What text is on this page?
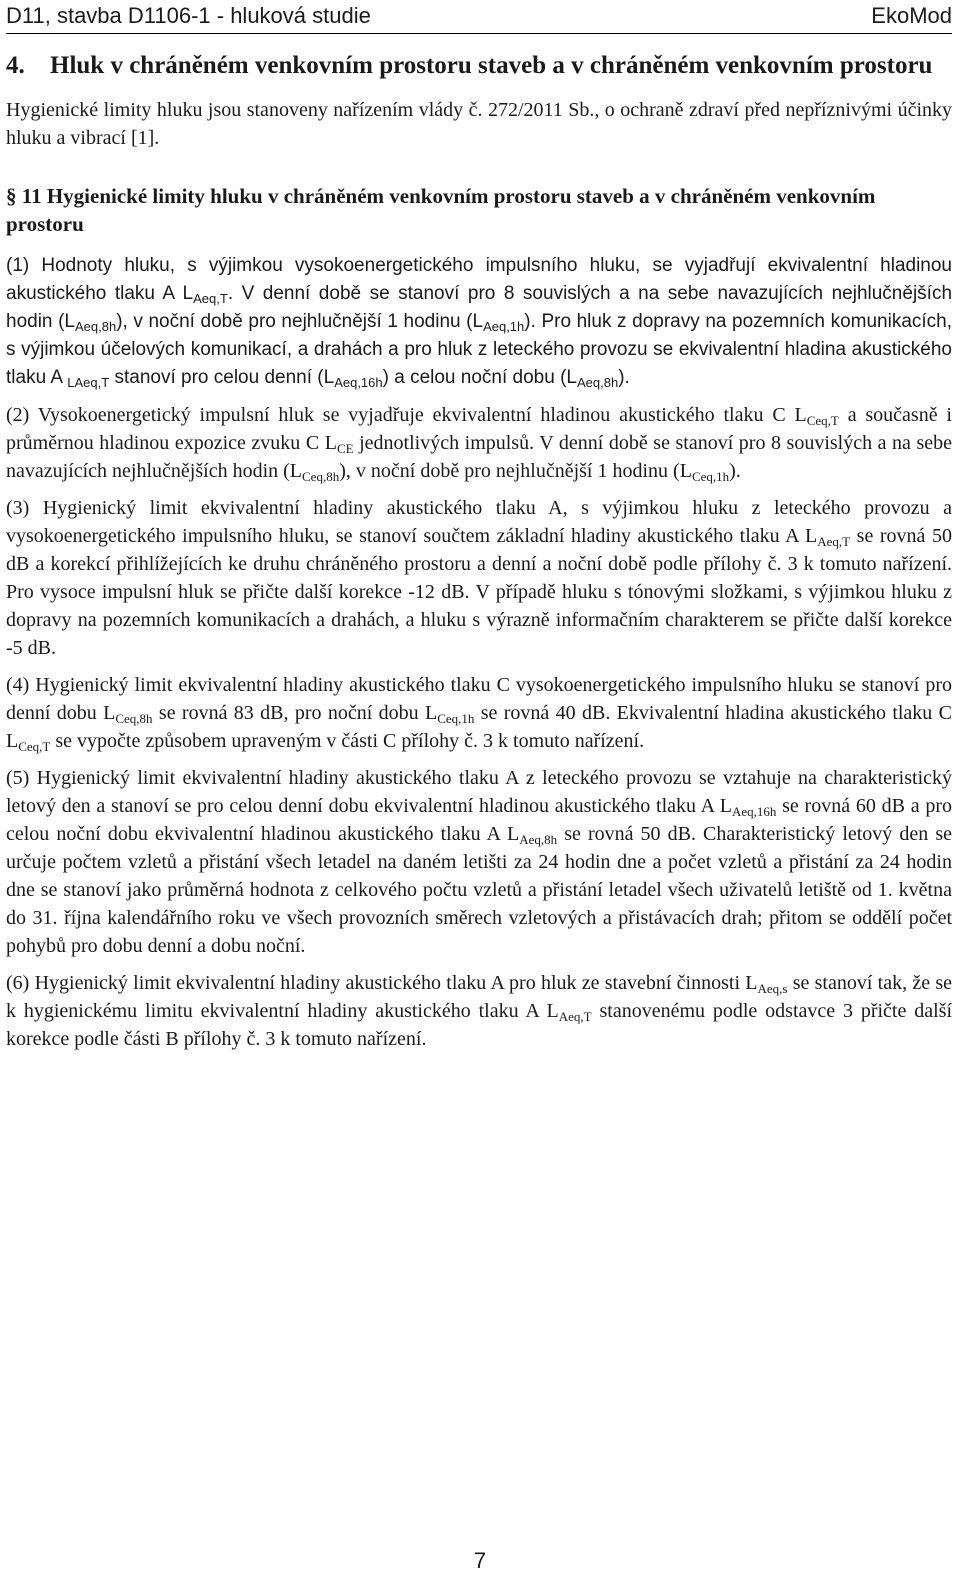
D11, stavba D1106-1 - hluková studie	EkoMod
4. Hluk v chráněném venkovním prostoru staveb a v chráněném venkovním prostoru

Hygienické limity hluku jsou stanoveny nařízením vlády č. 272/2011 Sb., o ochraně zdraví před nepříznivými účinky hluku a vibrací [1].

§ 11 Hygienické limity hluku v chráněném venkovním prostoru staveb a v chráněném venkovním prostoru

(1) Hodnoty hluku, s výjimkou vysokoenergetického impulsního hluku, se vyjadřují ekvivalentní hladinou akustického tlaku A $L_{Aeq,T}$. V denní době se stanoví pro 8 souvislých a na sebe navazujících nejhlučnějších hodin $(L_{Aeq,8h})$, v noční době pro nejhlučnější 1 hodinu $(L_{Aeq,1h})$. Pro hluk z dopravy na pozemních komunikacích, s výjimkou účelových komunikací, a drahách a pro hluk z leteckého provozu se ekvivalentní hladina akustického tlaku A $_{LAeq,T}$ stanoví pro celou denní $(L_{Aeq,16h})$ a celou noční dobu $(L_{Aeq,8h})$.

(2) Vysokoenergetický impulsní hluk se vyjadřuje ekvivalentní hladinou akustického tlaku C $L_{Ceq,T}$ a současně i průměrnou hladinou expozice zvuku C $L_{CE}$ jednotlivých impulsů. V denní době se stanoví pro 8 souvislých a na sebe navazujících nejhlučnějších hodin $(L_{Ceq,8h})$, v noční době pro nejhlučnější 1 hodinu $(L_{Ceq,1h})$.

(3) Hygienický limit ekvivalentní hladiny akustického tlaku A, s výjimkou hluku z leteckého provozu a vysokoenergetického impulsního hluku, se stanoví součtem základní hladiny akustického tlaku A $L_{Aeq,T}$ se rovná 50 dB a korekcí přihlížejících ke druhu chráněného prostoru a denní a noční době podle přílohy č. 3 k tomuto nařízení. Pro vysoce impulsní hluk se přičte další korekce -12 dB. V případě hluku s tónovými složkami, s výjimkou hluku z dopravy na pozemních komunikacích a drahách, a hluku s výrazně informačním charakterem se přičte další korekce -5 dB.

(4) Hygienický limit ekvivalentní hladiny akustického tlaku C vysokoenergetického impulsního hluku se stanoví pro denní dobu $L_{Ceq,8h}$ se rovná 83 dB, pro noční dobu $L_{Ceq,1h}$ se rovná 40 dB. Ekvivalentní hladina akustického tlaku C $L_{Ceq,T}$ se vypočte způsobem upraveným v části C přílohy č. 3 k tomuto nařízení.

(5) Hygienický limit ekvivalentní hladiny akustického tlaku A z leteckého provozu se vztahuje na charakteristický letový den a stanoví se pro celou denní dobu ekvivalentní hladinou akustického tlaku A $L_{Aeq,16h}$ se rovná 60 dB a pro celou noční dobu ekvivalentní hladinou akustického tlaku A $L_{Aeq,8h}$ se rovná 50 dB. Charakteristický letový den se určuje počtem vzletů a přistání všech letadel na daném letišti za 24 hodin dne a počet vzletů a přistání za 24 hodin dne se stanoví jako průměrná hodnota z celkového počtu vzletů a přistání letadel všech uživatelů letiště od 1. května do 31. října kalendářního roku ve všech provozních směrech vzletových a přistávacích drah; přitom se oddělí počet pohybů pro dobu denní a dobu noční.

(6) Hygienický limit ekvivalentní hladiny akustického tlaku A pro hluk ze stavební činnosti $L_{Aeq,s}$ se stanoví tak, že se k hygienickému limitu ekvivalentní hladiny akustického tlaku A $L_{Aeq,T}$ stanovenému podle odstavce 3 přičte další korekce podle části B přílohy č. 3 k tomuto nařízení.

7
